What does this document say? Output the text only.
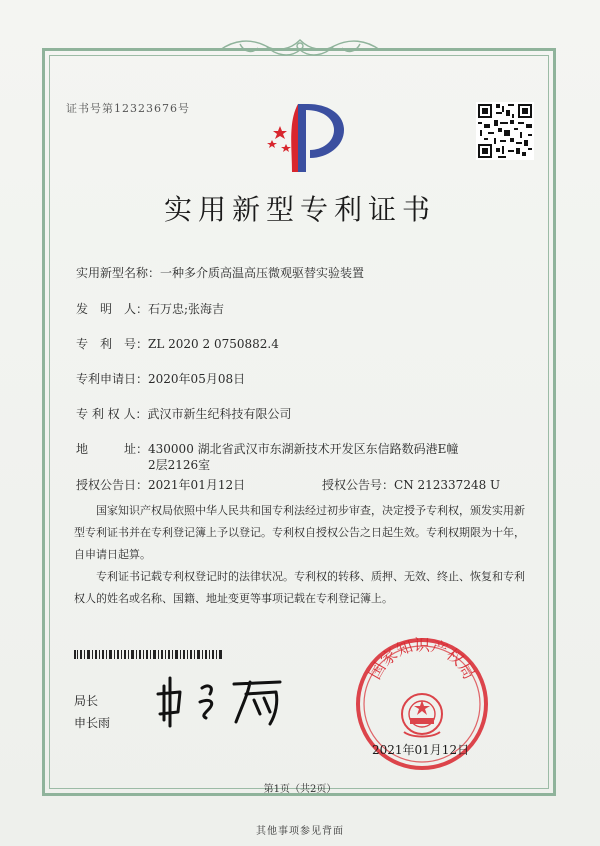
证书号第12323676号
实用新型专利证书
实用新型名称：一种多介质高温高压微观驱替实验装置
发　明　人：石万忠;张海吉
专　利　号：ZL 2020 2 0750882.4
专利申请日：2020年05月08日
专 利 权 人：武汉市新生纪科技有限公司
地　　　址：430000 湖北省武汉市东湖新技术开发区东信路数码港E幢
2层2126室
授权公告日：2021年01月12日	授权公告号：CN 212337248 U
国家知识产权局依照中华人民共和国专利法经过初步审查，决定授予专利权，颁发实用新型专利证书并在专利登记簿上予以登记。专利权自授权公告之日起生效。专利权期限为十年，自申请日起算。
专利证书记载专利权登记时的法律状况。专利权的转移、质押、无效、终止、恢复和专利权人的姓名或名称、国籍、地址变更等事项记载在专利登记簿上。
局长
申长雨
国家知识产权局
2021年01月12日
第1页（共2页）
其他事项参见背面
